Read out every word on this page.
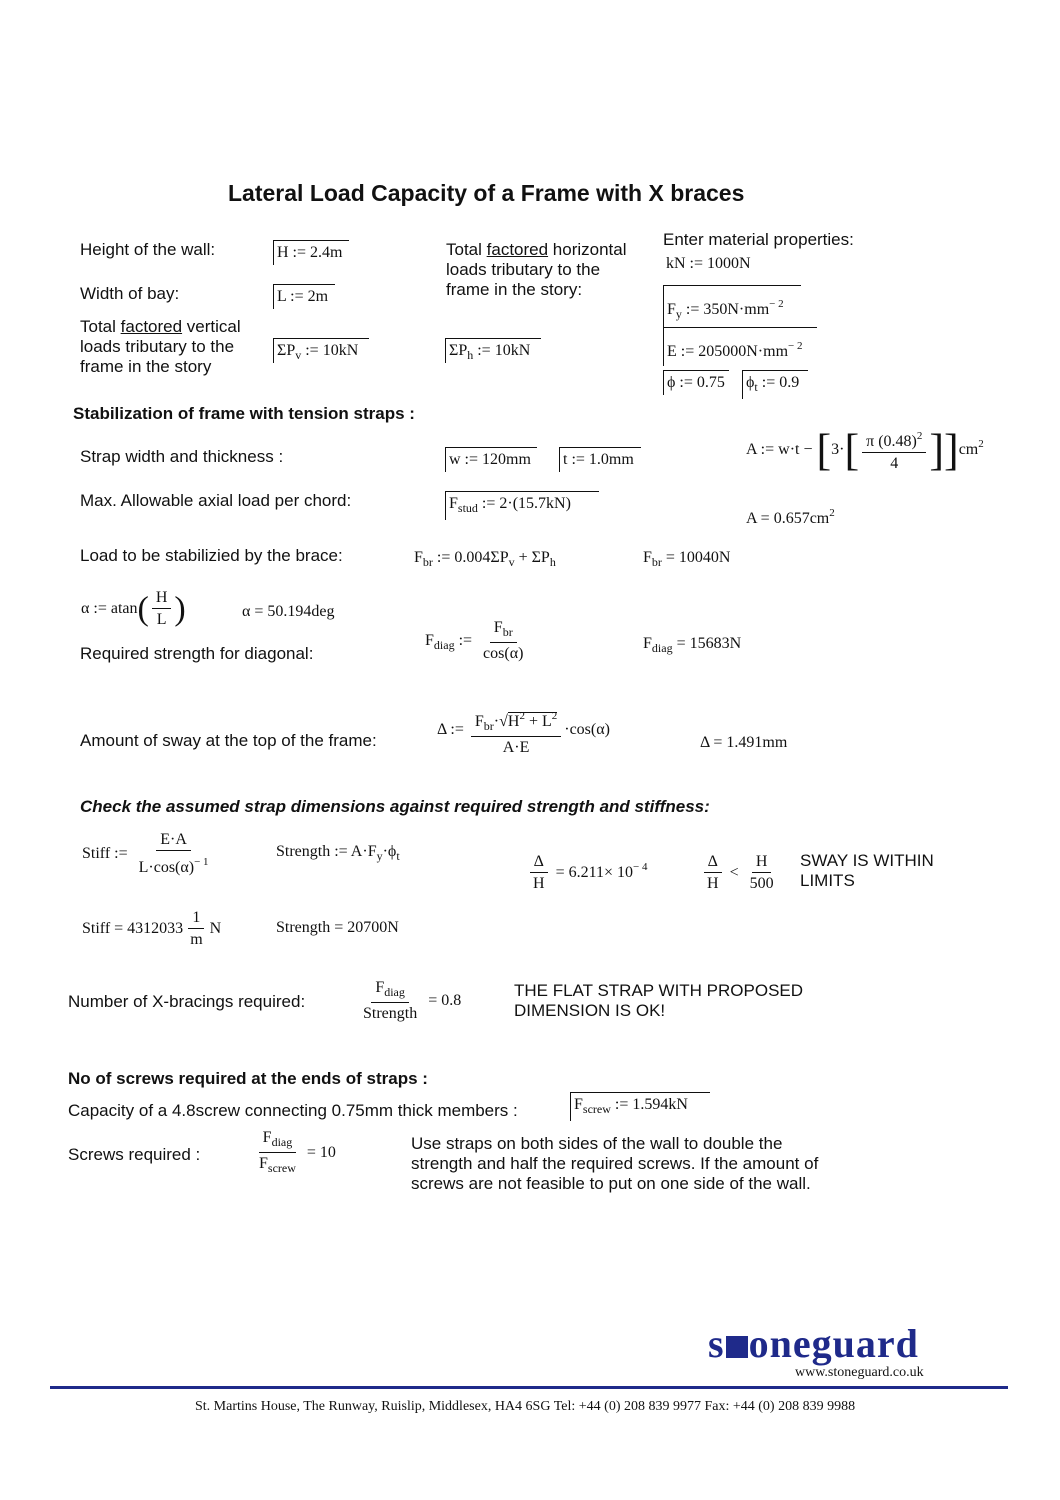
Lateral Load Capacity of a Frame with X braces
Height of the wall:	H := 2.4m
Width of bay:	L := 2m
Total factored vertical
loads tributary to the
frame in the story
$\Sigma P_v$ := 10kN
Total factored horizontal
loads tributary to the
frame in the story:
$\Sigma P_h$ := 10kN
Enter material properties:
kN := 1000N
$F_y$ := $350N\cdot mm^{- 2}$
E := $205000N\cdot mm^{- 2}$
ϕ := 0.75 $\phi_t$ := 0.9
Stabilization of frame with tension straps :
Strap width and thickness :	w := 120mm	t := 1.0mm
A := $w\cdot t - [3\cdot[ \frac{\pi (0.48)^2}{4} ]]cm^2$
Max. Allowable axial load per chord:	$F_{stud}$ := 2·(15.7kN)
$A = 0.657cm^2$
Load to be stabilizied by the brace:	$F_{br}$ := $0.004\Sigma P_v + \Sigma P_h$	$F_{br} = 10040N$
α := $atan( \frac{H}{L}$ )	α = 50.194deg
Required strength for diagonal:
$F_{diag}$ := $\frac{F_{br}}{\cos(\alpha)}$	$F_{diag} = 15683N$
Amount of sway at the top of the frame:
Δ := $\frac{F_{br}\cdot√H^2 + L^2}{A\cdot E} \cdot\cos(\alpha)$
Δ = 1.491mm
Check the assumed strap dimensions against required strength and stiffness:
Stiff := $\frac{E\cdot A}{L\cdot\cos(\alpha)^{- 1}}$	Strength := $A\cdot F_y\cdot\phi_t$	$\frac{\Delta}{H} = 6.211\times 10^{- 4}$	$\frac{\Delta}{H} < \frac{H}{500}$ SWAY IS WITHIN
LIMITS
Stiff = $4312033 \frac{1}{m}$ N	Strength = 20700N
Number of X-bracings required:	$\frac{F_{diag}}{\text{Strength}} = 0.8$
THE FLAT STRAP WITH PROPOSED
DIMENSION IS OK!
No of screws required at the ends of straps :
Capacity of a 4.8screw connecting 0.75mm thick members :	$F_{screw}$ := 1.594kN
Screws required :	$\frac{F_{diag}}{F_{screw}} = 10$	Use straps on both sides of the wall to double the
strength and half the required screws. If the amount of
screws are not feasible to put on one side of the wall.
s oneguard
www.stoneguard.co.uk
St. Martins House, The Runway, Ruislip, Middlesex, HA4 6SG Tel: +44 (0) 208 839 9977 Fax: +44 (0) 208 839 9988
